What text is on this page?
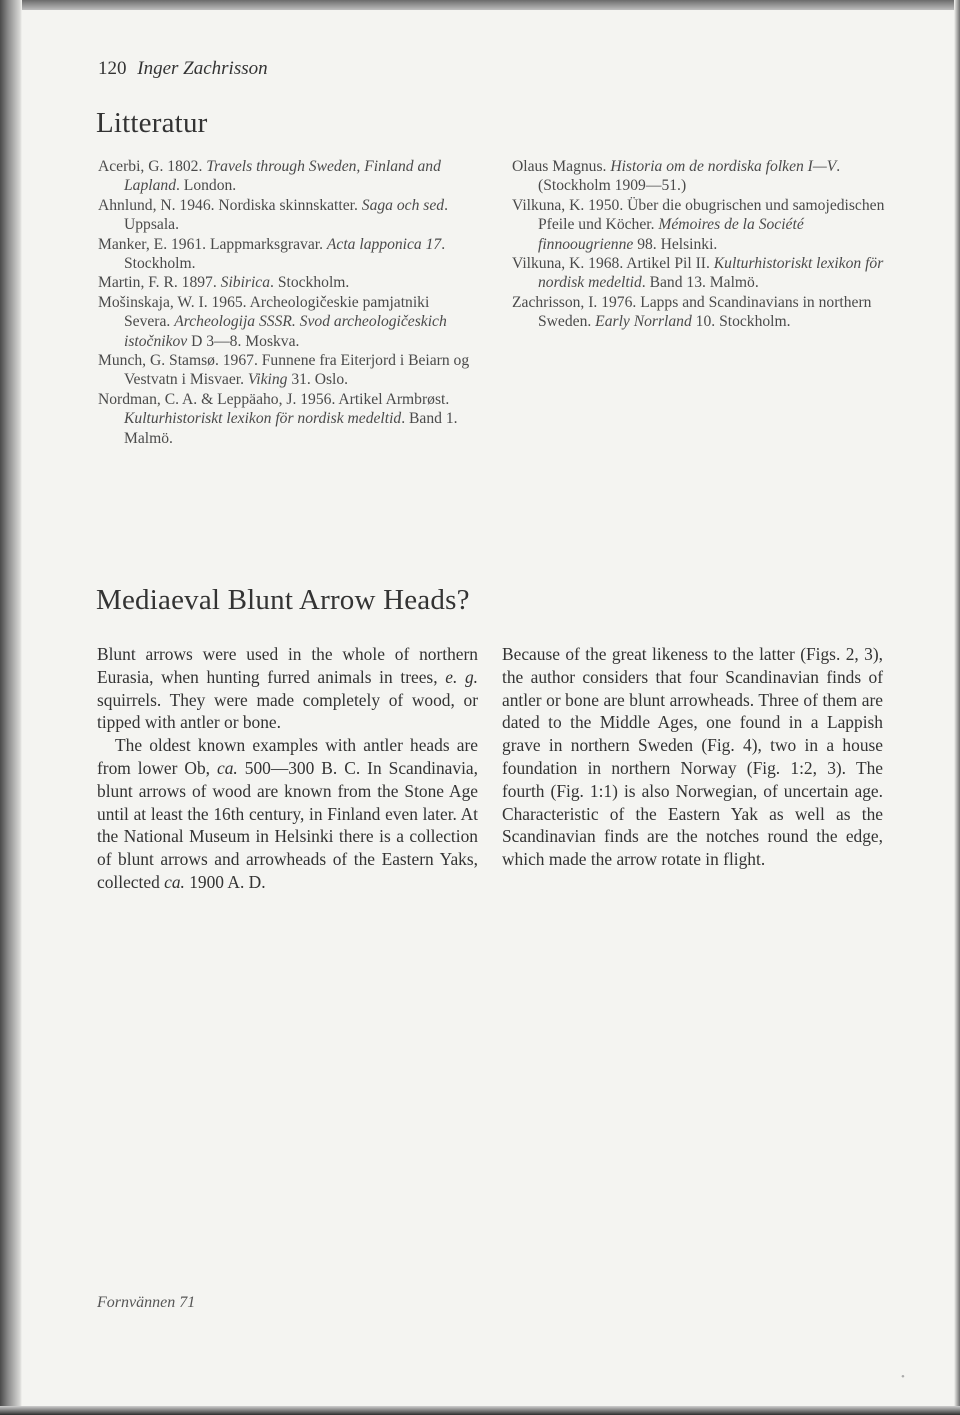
120 Inger Zachrisson
Litteratur

Acerbi, G. 1802. Travels through Sweden, Finland and Lapland. London.

Ahnlund, N. 1946. Nordiska skinnskatter. Saga och sed. Uppsala.

Manker, E. 1961. Lappmarksgravar. Acta lapponica 17. Stockholm.

Martin, F. R. 1897. Sibirica. Stockholm.

Mošinskaja, W. I. 1965. Archeologičeskie pamjatniki Severa. Archeologija SSSR. Svod archeologičeskich istočnikov D 3—8. Moskva.

Munch, G. Stamsø. 1967. Funnene fra Eiterjord i Beiarn og Vestvatn i Misvaer. Viking 31. Oslo.

Nordman, C. A. & Leppäaho, J. 1956. Artikel Armbrøst. Kulturhistoriskt lexikon för nordisk medeltid. Band 1. Malmö.

Olaus Magnus. Historia om de nordiska folken I—V. (Stockholm 1909—51.)

Vilkuna, K. 1950. Über die obugrischen und samojedischen Pfeile und Köcher. Mémoires de la Société finnoougrienne 98. Helsinki.

Vilkuna, K. 1968. Artikel Pil II. Kulturhistoriskt lexikon för nordisk medeltid. Band 13. Malmö.

Zachrisson, I. 1976. Lapps and Scandinavians in northern Sweden. Early Norrland 10. Stockholm.

Mediaeval Blunt Arrow Heads?

Blunt arrows were used in the whole of northern Eurasia, when hunting furred animals in trees, e. g. squirrels. They were made completely of wood, or tipped with antler or bone.

The oldest known examples with antler heads are from lower Ob, ca. 500—300 B. C. In Scandinavia, blunt arrows of wood are known from the Stone Age until at least the 16th century, in Finland even later. At the National Museum in Helsinki there is a collection of blunt arrows and arrowheads of the Eastern Yaks, collected ca. 1900 A. D.

Because of the great likeness to the latter (Figs. 2, 3), the author considers that four Scandinavian finds of antler or bone are blunt arrowheads. Three of them are dated to the Middle Ages, one found in a Lappish grave in northern Sweden (Fig. 4), two in a house foundation in northern Norway (Fig. 1:2, 3). The fourth (Fig. 1:1) is also Norwegian, of uncertain age. Characteristic of the Eastern Yak as well as the Scandinavian finds are the notches round the edge, which made the arrow rotate in flight.

Fornvännen 71
•
